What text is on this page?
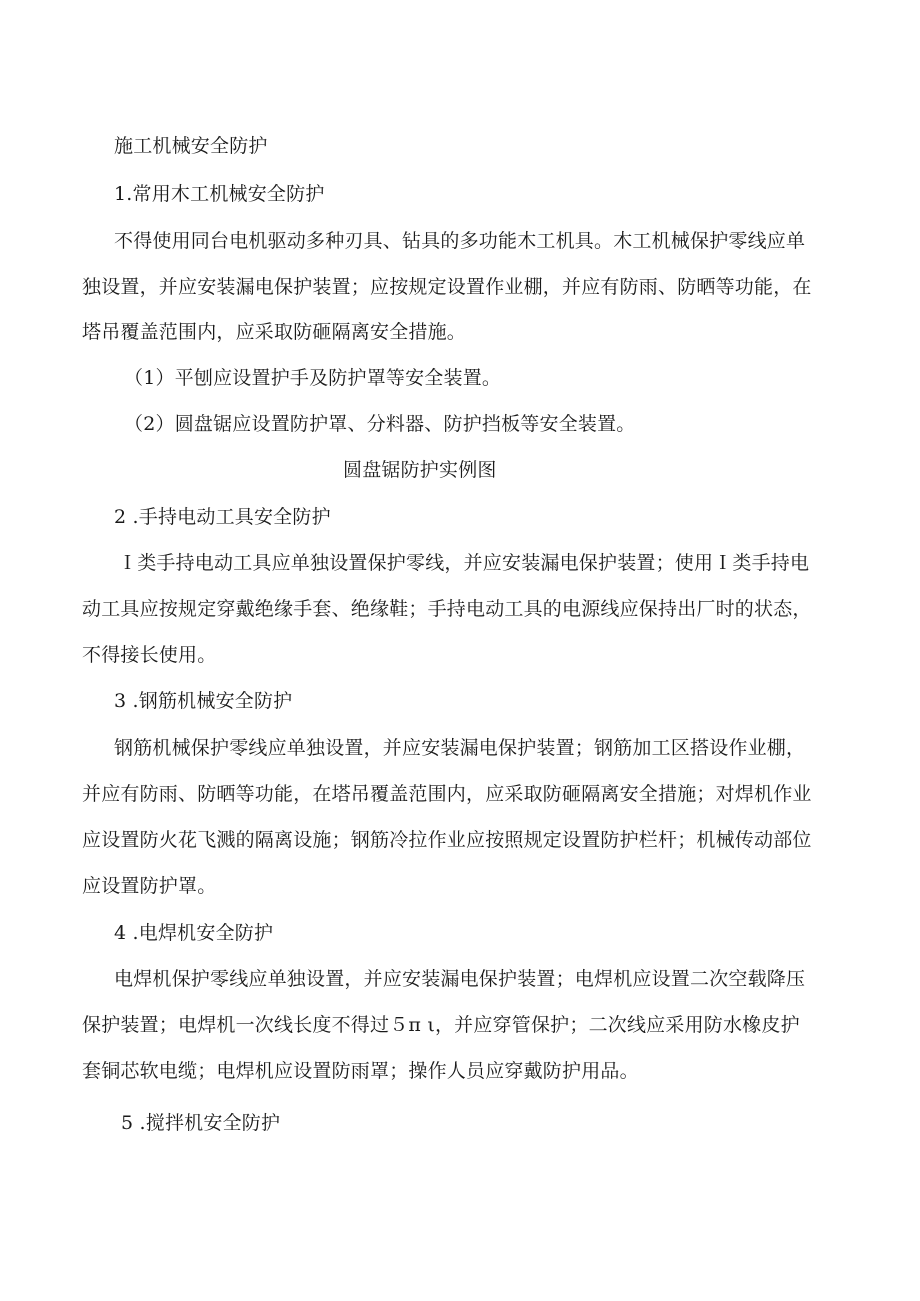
施工机械安全防护
1.常用木工机械安全防护
不得使用同台电机驱动多种刃具、钻具的多功能木工机具。木工机械保护零线应单
独设置，并应安装漏电保护装置；应按规定设置作业棚，并应有防雨、防晒等功能，在
塔吊覆盖范围内，应采取防砸隔离安全措施。
（1）平刨应设置护手及防护罩等安全装置。
（2）圆盘锯应设置防护罩、分料器、防护挡板等安全装置。
圆盘锯防护实例图
2 .手持电动工具安全防护
Ｉ类手持电动工具应单独设置保护零线，并应安装漏电保护装置；使用Ｉ类手持电
动工具应按规定穿戴绝缘手套、绝缘鞋；手持电动工具的电源线应保持出厂时的状态，
不得接长使用。
3 .钢筋机械安全防护
钢筋机械保护零线应单独设置，并应安装漏电保护装置；钢筋加工区搭设作业棚，
并应有防雨、防晒等功能，在塔吊覆盖范围内，应采取防砸隔离安全措施；对焊机作业
应设置防火花飞溅的隔离设施；钢筋冷拉作业应按照规定设置防护栏杆；机械传动部位
应设置防护罩。
4 .电焊机安全防护
电焊机保护零线应单独设置，并应安装漏电保护装置；电焊机应设置二次空载降压
保护装置；电焊机一次线长度不得过５π ι，并应穿管保护；二次线应采用防水橡皮护
套铜芯软电缆；电焊机应设置防雨罩；操作人员应穿戴防护用品。
5 .搅拌机安全防护
